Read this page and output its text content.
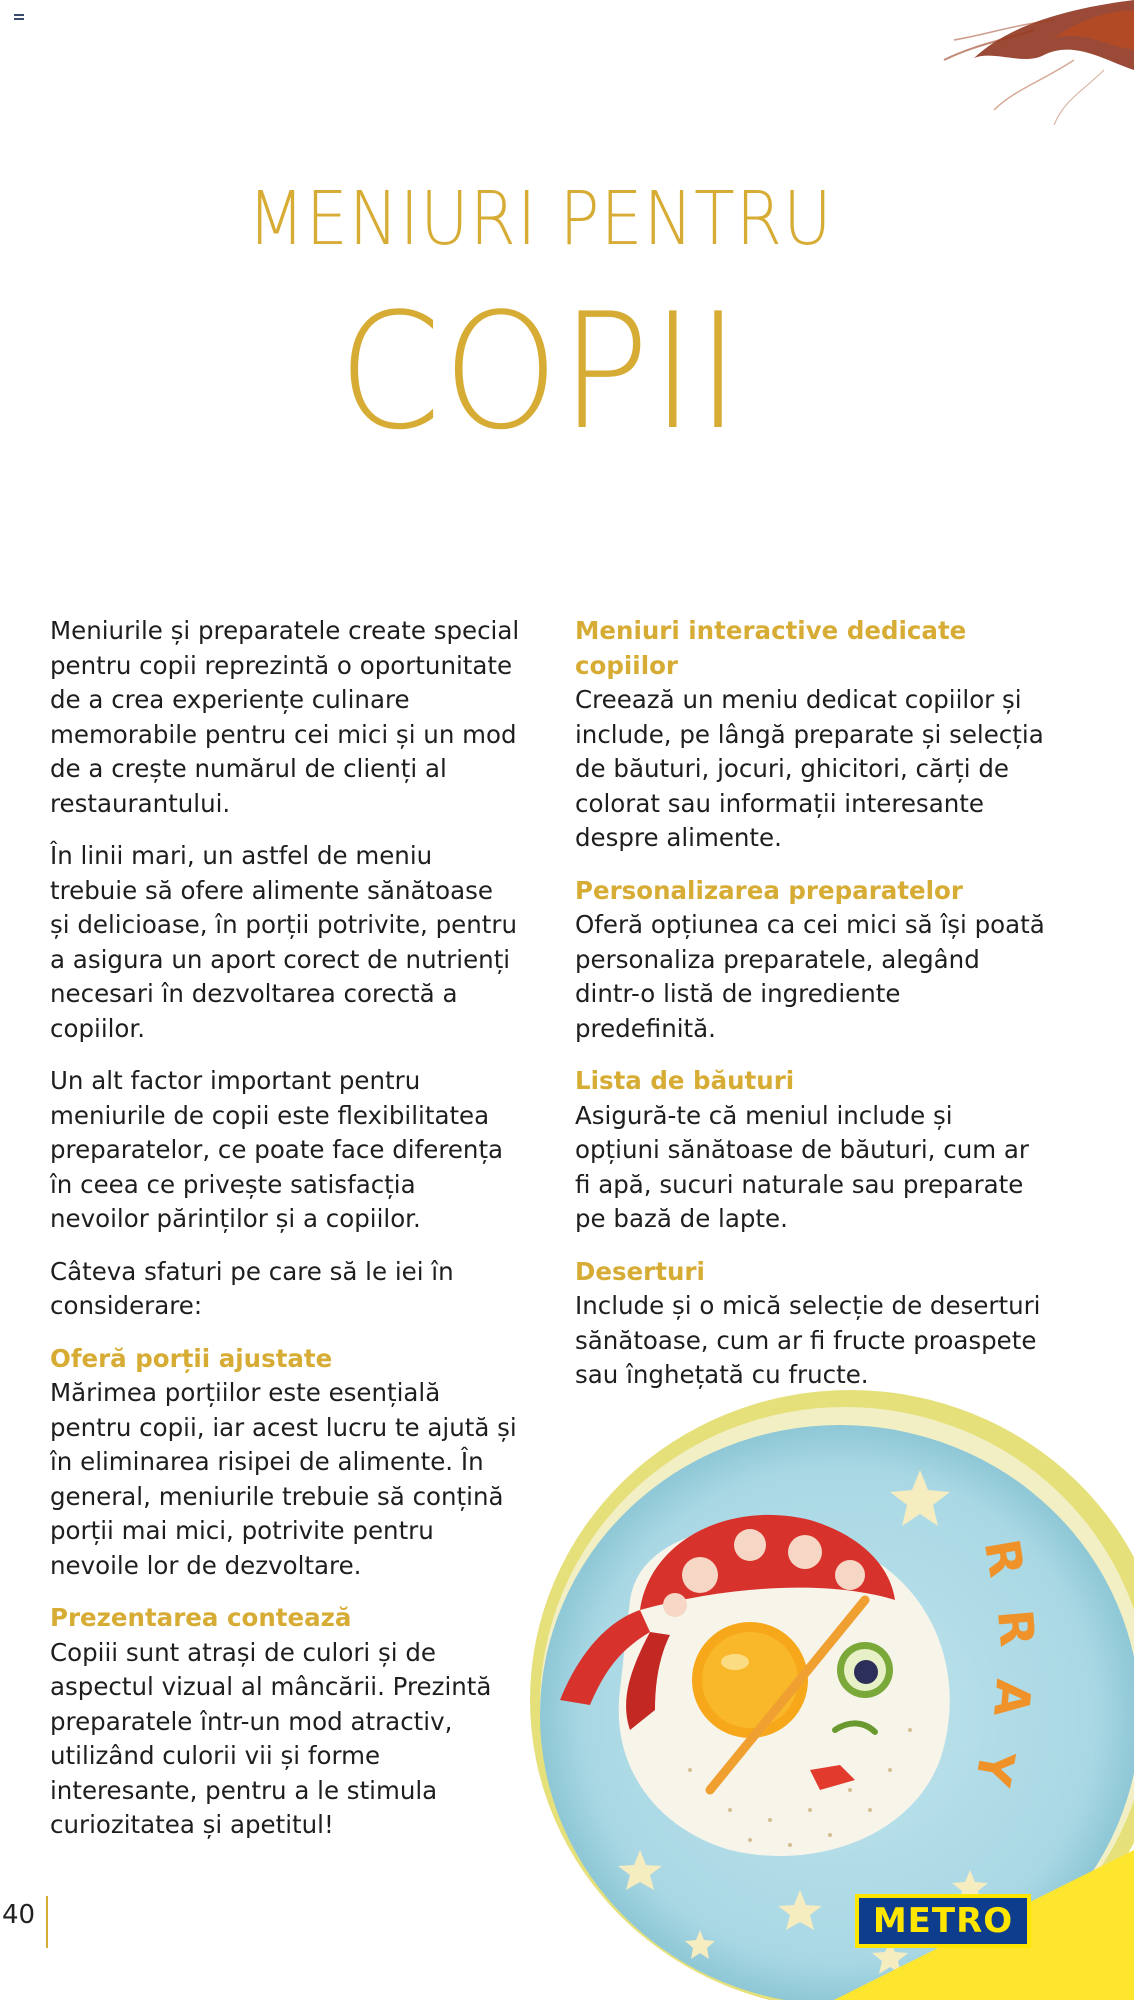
MENIURI PENTRU
COPII

Meniurile și preparatele create special pentru copii reprezintă o oportunitate de a crea experiențe culinare memorabile pentru cei mici și un mod de a crește numărul de clienți al restaurantului.

În linii mari, un astfel de meniu trebuie să ofere alimente sănătoase și delicioase, în porții potrivite, pentru a asigura un aport corect de nutrienți necesari în dezvoltarea corectă a copiilor.

Un alt factor important pentru meniurile de copii este flexibilitatea preparatelor, ce poate face diferența în ceea ce privește satisfacția nevoilor părinților și a copiilor.

Câteva sfaturi pe care să le iei în considerare:

Oferă porții ajustate

Mărimea porțiilor este esențială pentru copii, iar acest lucru te ajută și în eliminarea risipei de alimente. În general, meniurile trebuie să conțină porții mai mici, potrivite pentru nevoile lor de dezvoltare.

Prezentarea contează

Copiii sunt atrași de culori și de aspectul vizual al mâncării. Prezintă preparatele într-un mod atractiv, utilizând culorii vii și forme interesante, pentru a le stimula curiozitatea și apetitul!

Meniuri interactive dedicate copiilor

Creează un meniu dedicat copiilor și include, pe lângă preparate și selecția de băuturi, jocuri, ghicitori, cărți de colorat sau informații interesante despre alimente.

Personalizarea preparatelor

Oferă opțiunea ca cei mici să își poată personaliza preparatele, alegând dintr-o listă de ingrediente predefinită.

Lista de băuturi

Asigură-te că meniul include și opțiuni sănătoase de băuturi, cum ar fi apă, sucuri naturale sau preparate pe bază de lapte.

Deserturi

Include și o mică selecție de deserturi sănătoase, cum ar fi fructe proaspete sau înghețată cu fructe.

R
R
A
Y
METRO
40
